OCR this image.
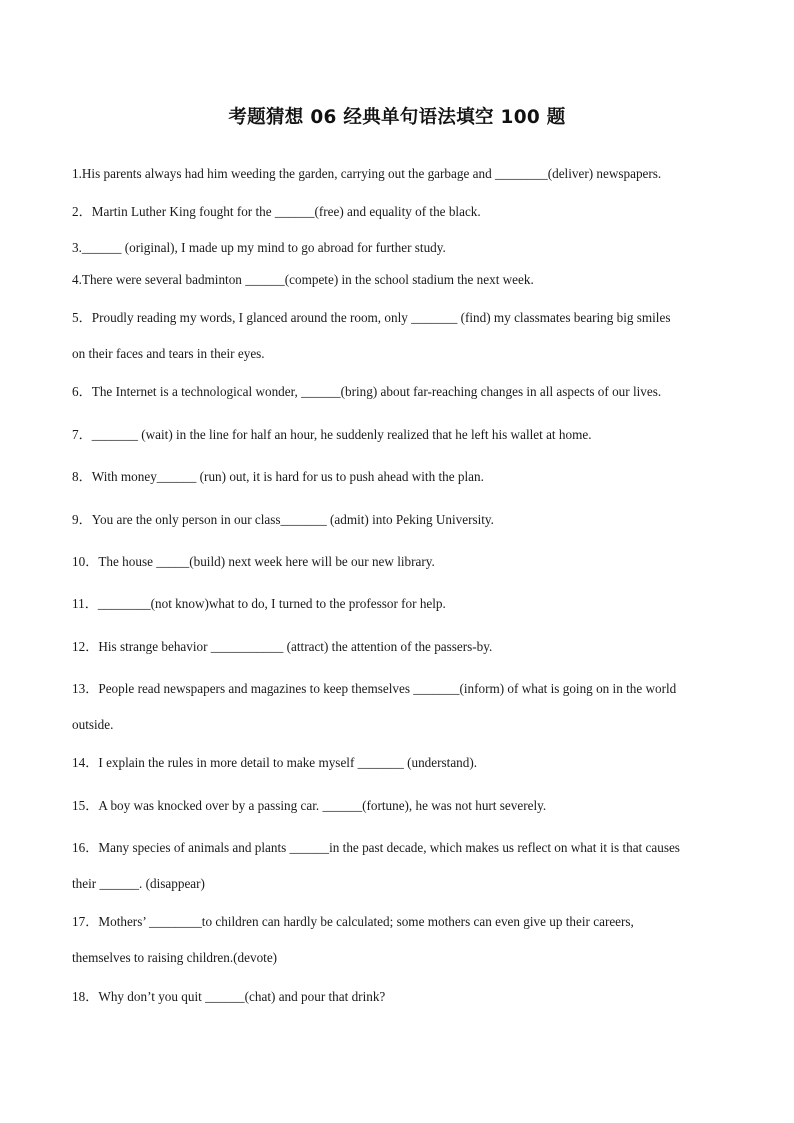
考题猜想 06 经典单句语法填空 100 题

1.His parents always had him weeding the garden, carrying out the garbage and ________(deliver) newspapers.

2．Martin Luther King fought for the ______(free) and equality of the black.

3.______ (original), I made up my mind to go abroad for further study.

4.There were several badminton ______(compete) in the school stadium the next week.

5．Proudly reading my words, I glanced around the room, only _______ (find) my classmates bearing big smiles
on their faces and tears in their eyes.

6．The Internet is a technological wonder, ______(bring) about far-reaching changes in all aspects of our lives.

7．_______ (wait) in the line for half an hour, he suddenly realized that he left his wallet at home.

8．With money______ (run) out, it is hard for us to push ahead with the plan.

9．You are the only person in our class_______ (admit) into Peking University.

10．The house _____(build) next week here will be our new library.

11．________(not know)what to do, I turned to the professor for help.

12．His strange behavior ___________ (attract) the attention of the passers-by.

13．People read newspapers and magazines to keep themselves _______(inform) of what is going on in the world
outside.

14．I explain the rules in more detail to make myself _______ (understand).

15．A boy was knocked over by a passing car. ______(fortune), he was not hurt severely.

16．Many species of animals and plants ______in the past decade, which makes us reflect on what it is that causes
their ______. (disappear)
17．Mothers’ ________to children can hardly be calculated; some mothers can even give up their careers,
themselves to raising children.(devote)

18．Why don’t you quit ______(chat) and pour that drink?
